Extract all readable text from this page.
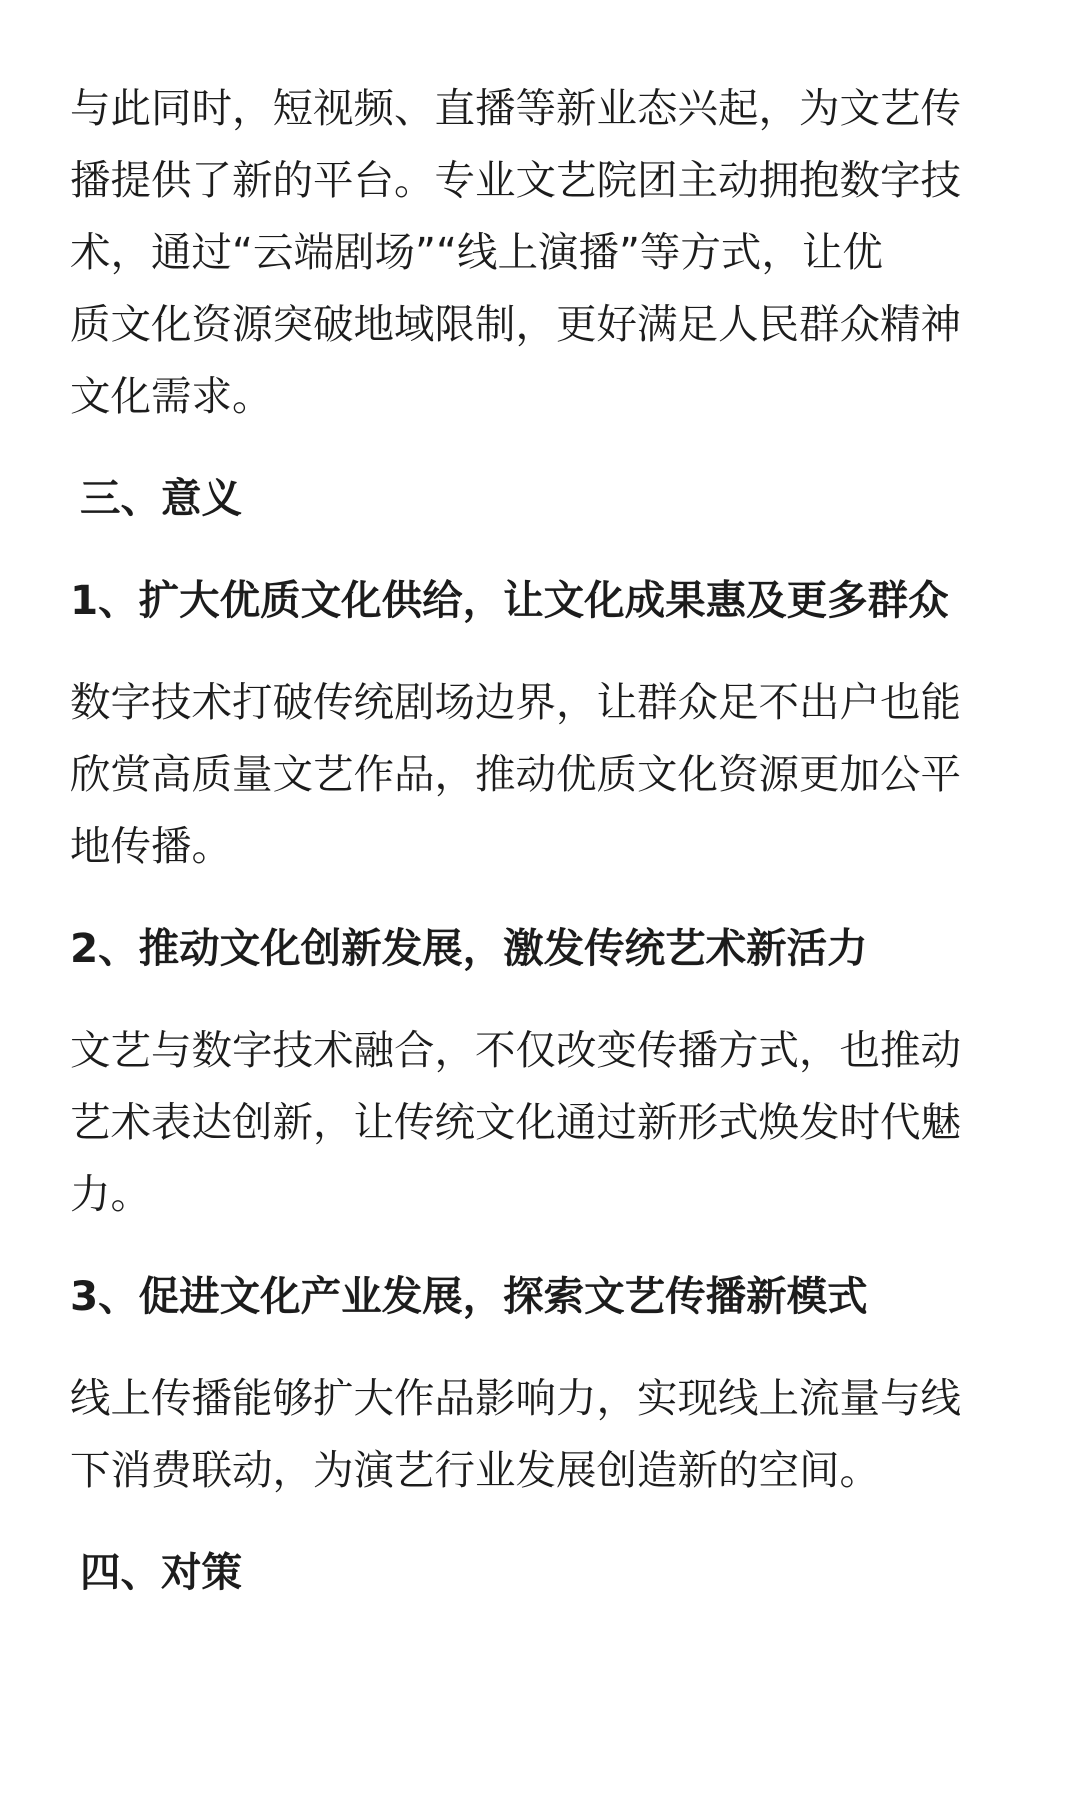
与此同时，短视频、直播等新业态兴起，为文艺传
播提供了新的平台。专业文艺院团主动拥抱数字技
术，通过“云端剧场”“线上演播”等方式，让优
质文化资源突破地域限制，更好满足人民群众精神
文化需求。

三、意义
1、扩大优质文化供给，让文化成果惠及更多群众

数字技术打破传统剧场边界，让群众足不出户也能
欣赏高质量文艺作品，推动优质文化资源更加公平
地传播。

2、推动文化创新发展，激发传统艺术新活力

文艺与数字技术融合，不仅改变传播方式，也推动
艺术表达创新，让传统文化通过新形式焕发时代魅
力。

3、促进文化产业发展，探索文艺传播新模式

线上传播能够扩大作品影响力，实现线上流量与线
下消费联动，为演艺行业发展创造新的空间。

四、对策
